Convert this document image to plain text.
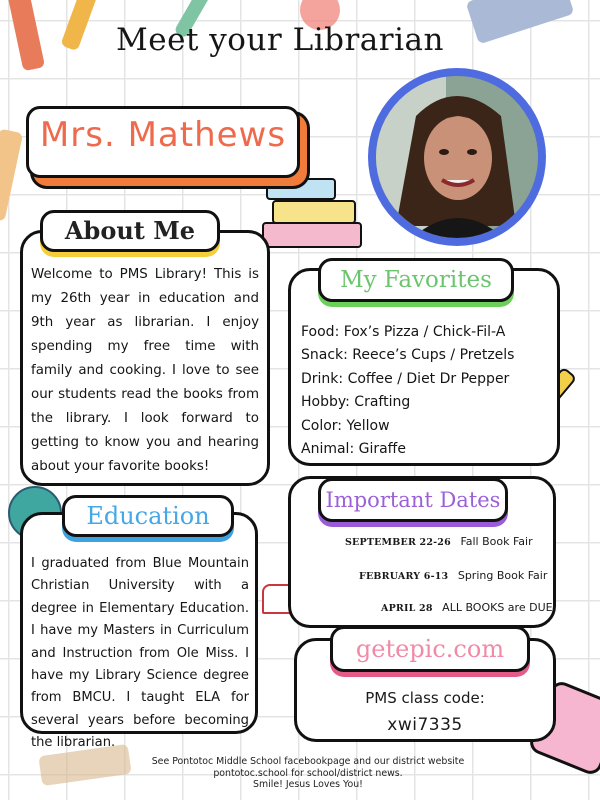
Meet your Librarian
Mrs. Mathews
Welcome to PMS Library! This is my 26th year in education and 9th year as librarian. I enjoy spending my free time with family and cooking. I love to see our students read the books from the library. I look forward to getting to know you and hearing about your favorite books!
About Me
Food: Fox’s Pizza / Chick-Fil-A
Snack: Reece’s Cups / Pretzels
Drink: Coffee / Diet Dr Pepper
Hobby: Crafting
Color: Yellow
Animal: Giraffe
My Favorites
I graduated from Blue Mountain Christian University with a degree in Elementary Education. I have my Masters in Curriculum and Instruction from Ole Miss. I have my Library Science degree from BMCU. I taught ELA for several years before becoming the librarian.
Education
SEPTEMBER 22-26 Fall Book Fair
FEBRUARY 6-13 Spring Book Fair
APRIL 28 ALL BOOKS are DUE
Important Dates
PMS class code:
xwi7335
getepic.com
See Pontotoc Middle School facebookpage and our district website
pontotoc.school for school/district news.
Smile! Jesus Loves You!
